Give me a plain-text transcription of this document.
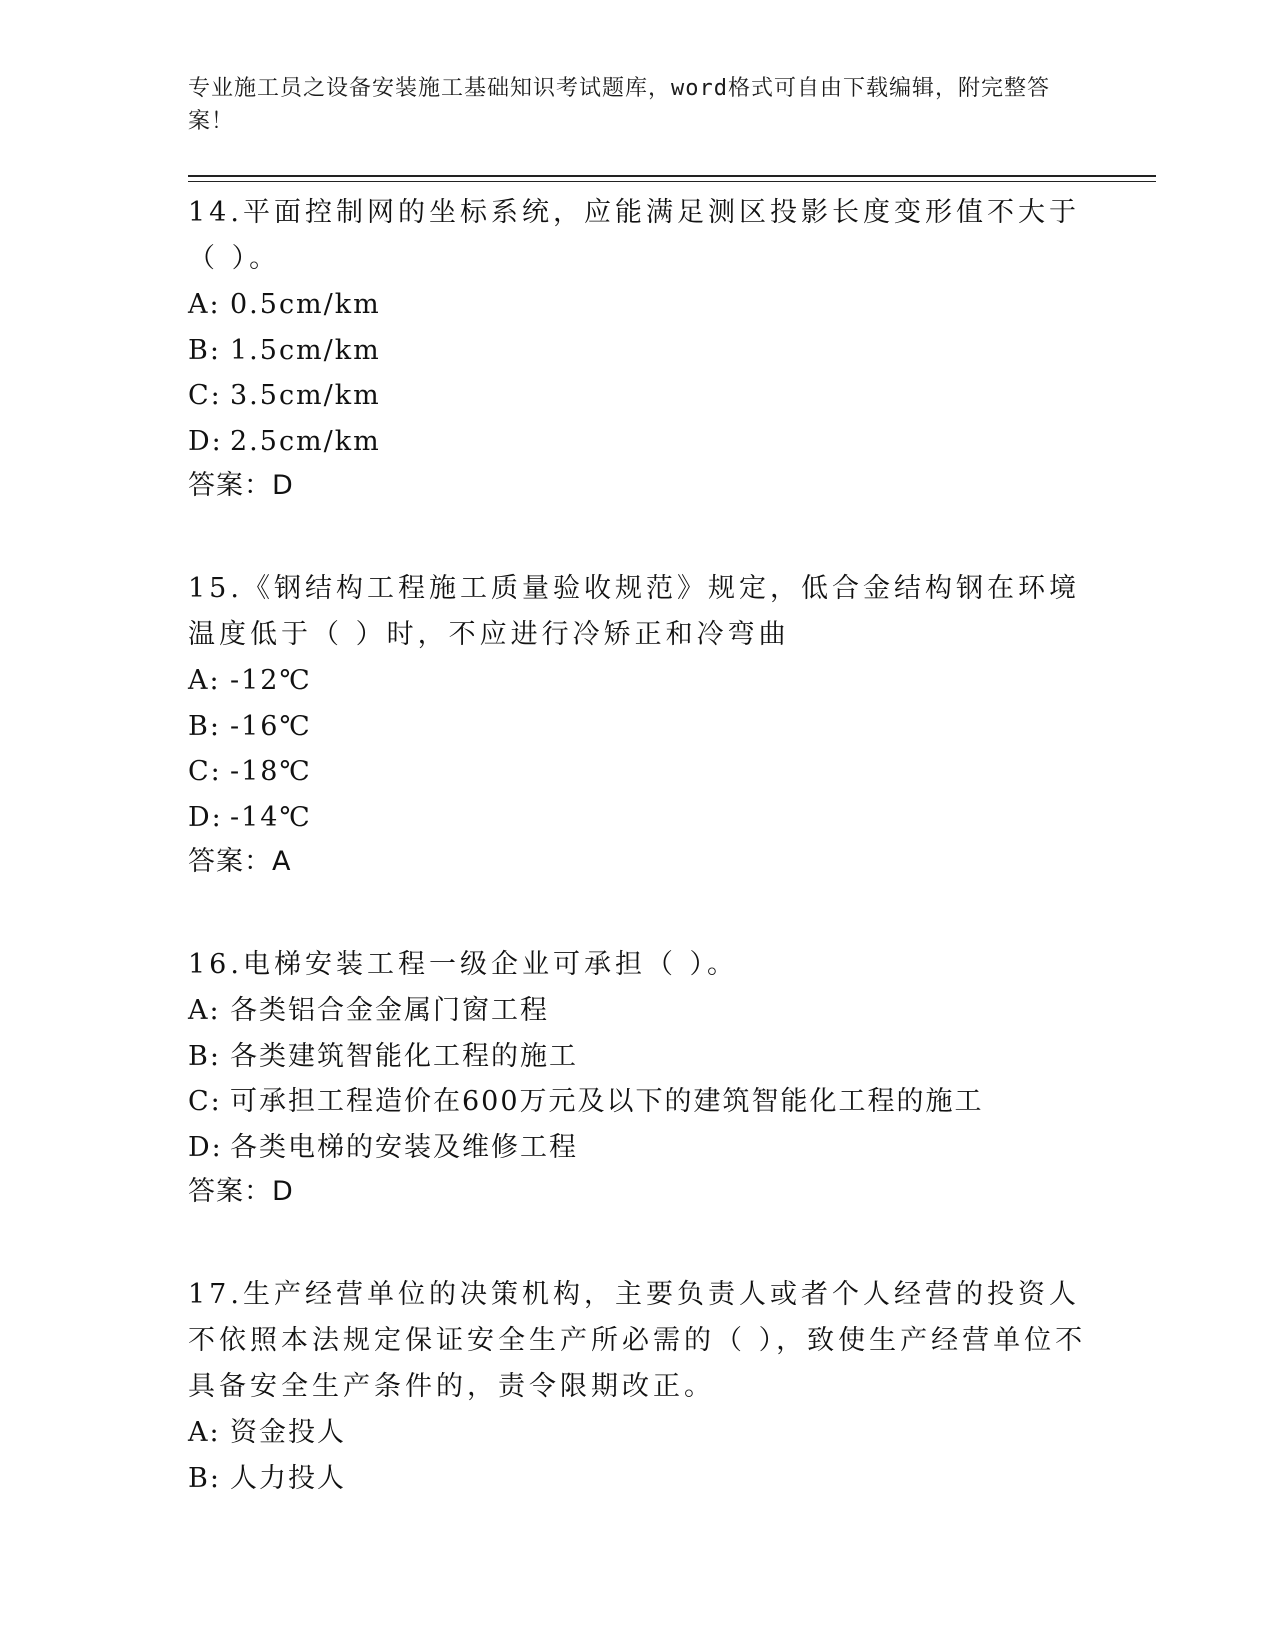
专业施工员之设备安装施工基础知识考试题库，word格式可自由下载编辑，附完整答案！

14.平面控制网的坐标系统，应能满足测区投影长度变形值不大于（ ）。

A: 0.5cm/km

B: 1.5cm/km

C: 3.5cm/km

D: 2.5cm/km

答案：D

15.《钢结构工程施工质量验收规范》规定，低合金结构钢在环境温度低于（ ）时，不应进行冷矫正和冷弯曲

A: -12℃

B: -16℃

C: -18℃

D: -14℃

答案：A

16.电梯安装工程一级企业可承担（ ）。

A: 各类铝合金金属门窗工程

B: 各类建筑智能化工程的施工

C: 可承担工程造价在600万元及以下的建筑智能化工程的施工

D: 各类电梯的安装及维修工程

答案：D

17.生产经营单位的决策机构，主要负责人或者个人经营的投资人不依照本法规定保证安全生产所必需的（ ），致使生产经营单位不具备安全生产条件的，责令限期改正。

A: 资金投人

B: 人力投人
